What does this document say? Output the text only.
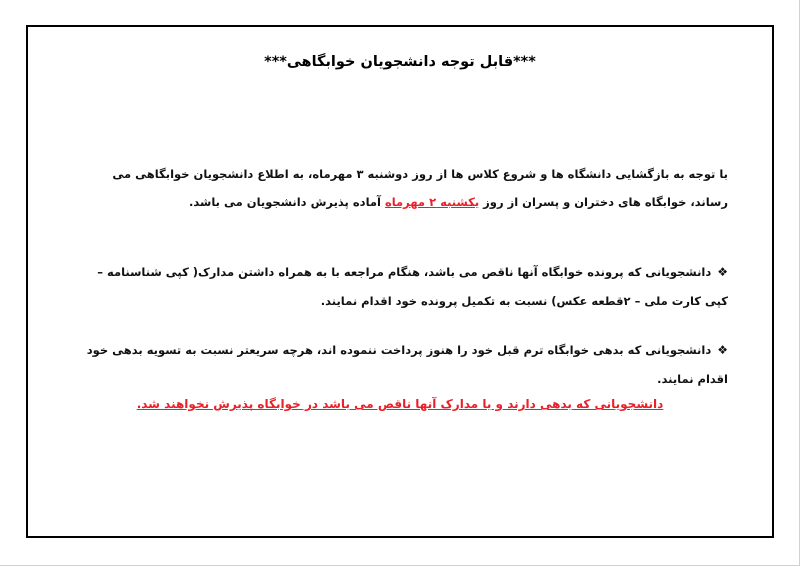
***قابل توجه دانشجویان خوابگاهی***
با توجه به بازگشایی دانشگاه ها و شروع کلاس ها از روز دوشنبه ۳ مهرماه، به اطلاع دانشجویان خوابگاهی می رساند، خوابگاه های دختران و پسران از روز یکشنبه ۲ مهرماه آماده پذیرش دانشجویان می باشد.
❖دانشجویانی که پرونده خوابگاه آنها ناقص می باشد، هنگام مراجعه با به همراه داشتن مدارک( کپی شناسنامه – کپی کارت ملی – ۲قطعه عکس) نسبت به تکمیل پرونده خود اقدام نمایند.
❖دانشجویانی که بدهی خوابگاه ترم قبل خود را هنوز پرداخت ننموده اند، هرچه سریعتر نسبت به تسویه بدهی خود اقدام نمایند.
دانشجویانی که بدهی دارند و یا مدارک آنها ناقص می باشد در خوابگاه پذیرش نخواهند شد.
